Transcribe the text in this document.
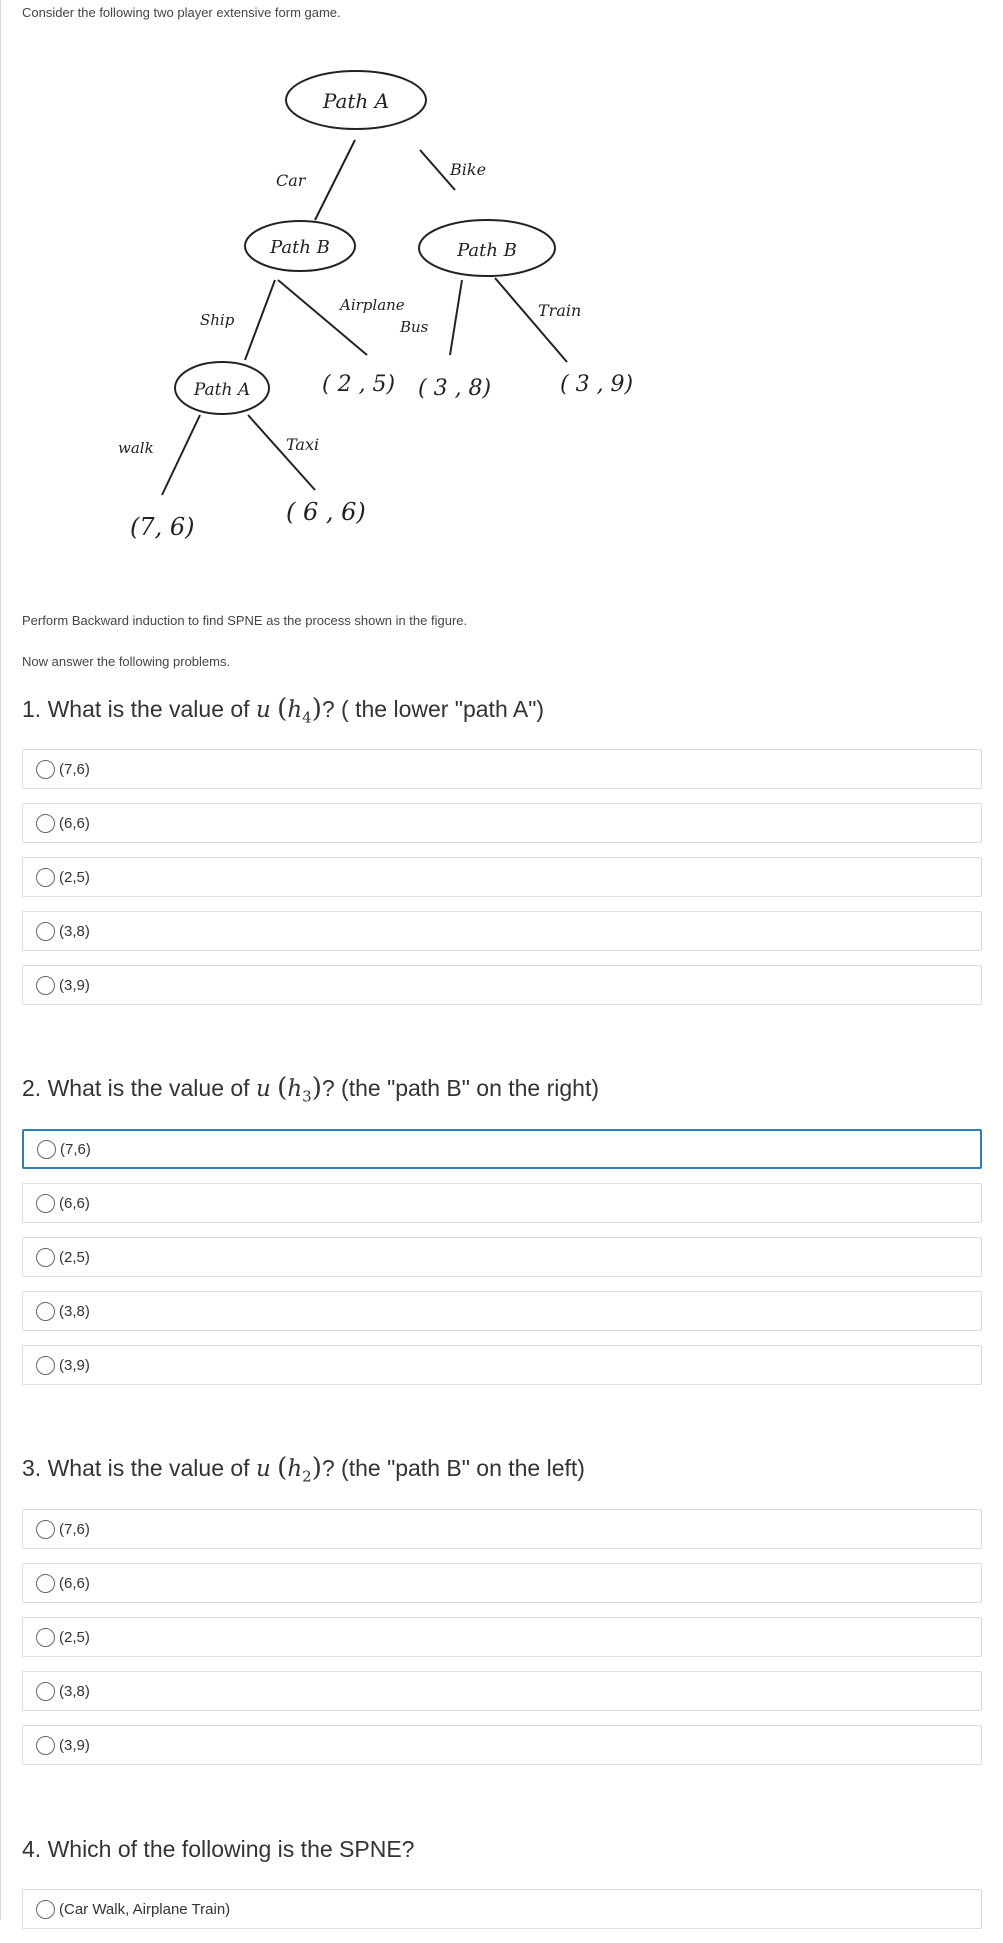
Consider the following two player extensive form game.
Path A
Path B	Path B
Path A
Car
Bike
Ship
Airplane
Bus
Train
walk	Taxi
( 2 , 5) ( 3 , 8)	( 3 , 9)
(7, 6)
( 6 , 6)
Perform Backward induction to find SPNE as the process shown in the figure.
Now answer the following problems.
1. What is the value of u $(h_4)$? ( the lower "path A")
(7,6)
(6,6)
(2,5)
(3,8)
(3,9)
2. What is the value of u $(h_3)$? (the "path B" on the right)
(7,6)
(6,6)
(2,5)
(3,8)
(3,9)
3. What is the value of u $(h_2)$? (the "path B" on the left)
(7,6)
(6,6)
(2,5)
(3,8)
(3,9)
4. Which of the following is the SPNE?
(Car Walk, Airplane Train)
